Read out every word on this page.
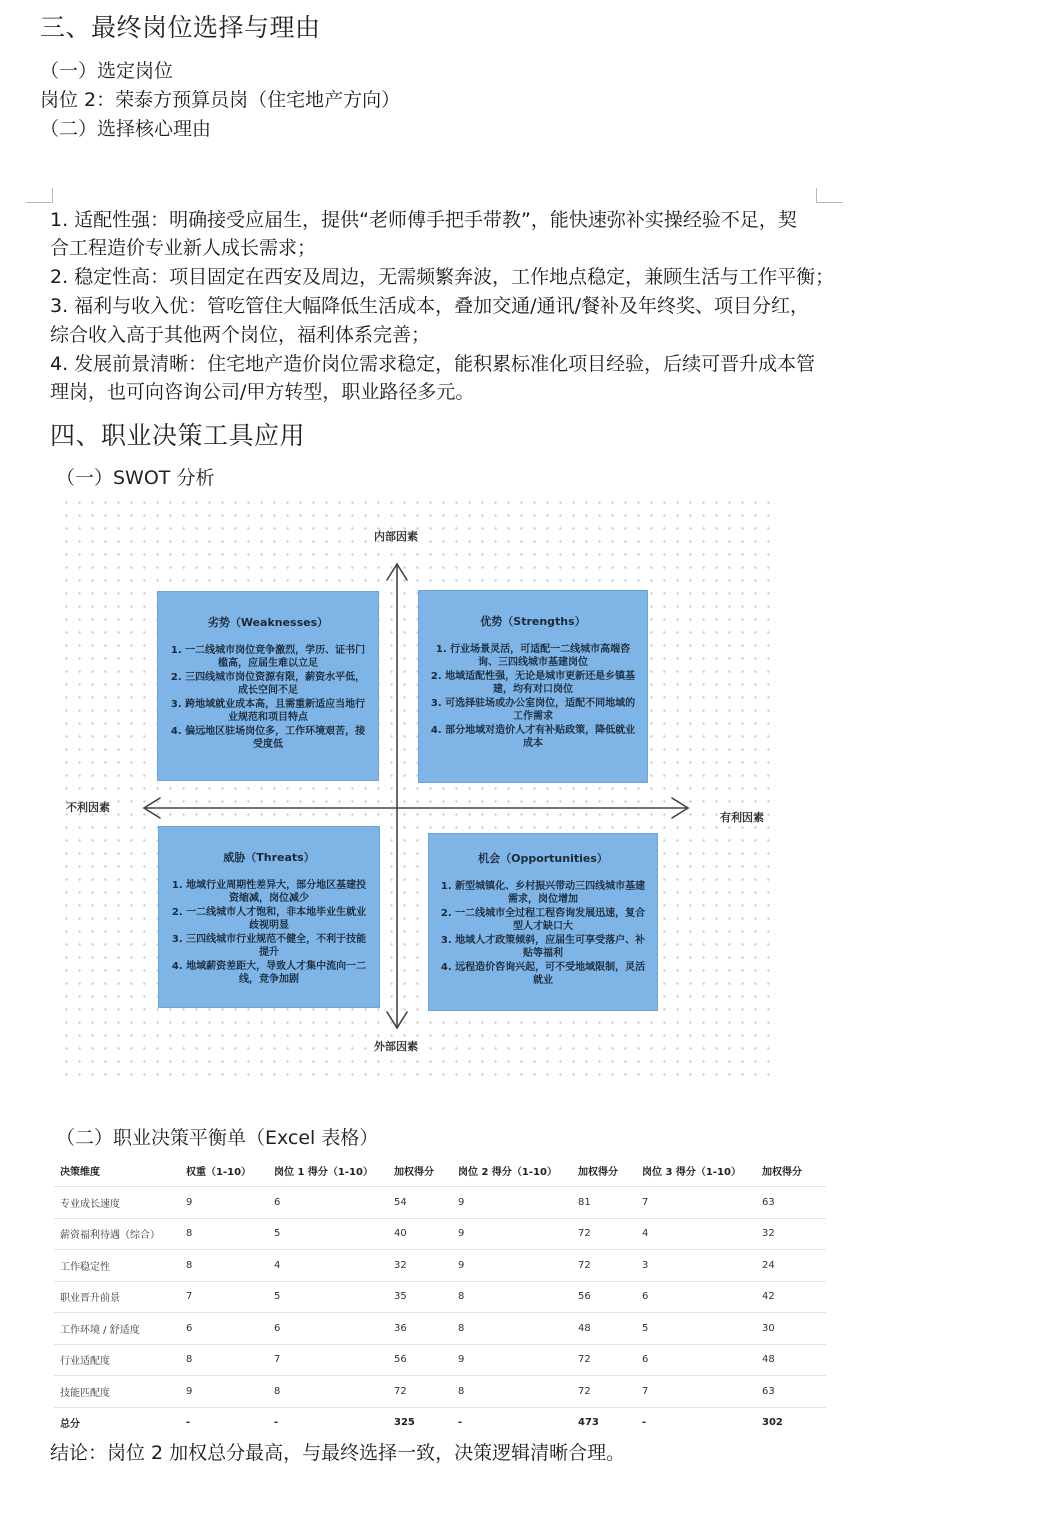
三、最终岗位选择与理由
（一）选定岗位
岗位 2：荣泰方预算员岗（住宅地产方向）
（二）选择核心理由
1. 适配性强：明确接受应届生，提供“老师傅手把手带教”，能快速弥补实操经验不足，契
合工程造价专业新人成长需求；
2. 稳定性高：项目固定在西安及周边，无需频繁奔波，工作地点稳定，兼顾生活与工作平衡；
3. 福利与收入优：管吃管住大幅降低生活成本，叠加交通/通讯/餐补及年终奖、项目分红，
综合收入高于其他两个岗位，福利体系完善；
4. 发展前景清晰：住宅地产造价岗位需求稳定，能积累标准化项目经验，后续可晋升成本管
理岗，也可向咨询公司/甲方转型，职业路径多元。
四、职业决策工具应用
（一）SWOT 分析
内部因素
外部因素
不利因素
有利因素
劣势（Weaknesses）
1. 一二线城市岗位竞争激烈，学历、证书门槛高，应届生难以立足
2. 三四线城市岗位资源有限，薪资水平低，成长空间不足
3. 跨地域就业成本高，且需重新适应当地行业规范和项目特点
4. 偏远地区驻场岗位多，工作环境艰苦，接受度低
优势（Strengths）
1. 行业场景灵活，可适配一二线城市高端咨询、三四线城市基建岗位
2. 地域适配性强，无论是城市更新还是乡镇基建，均有对口岗位
3. 可选择驻场或办公室岗位，适配不同地域的工作需求
4. 部分地域对造价人才有补贴政策，降低就业成本
威胁（Threats）
1. 地域行业周期性差异大，部分地区基建投资缩减，岗位减少
2. 一二线城市人才饱和，非本地毕业生就业歧视明显
3. 三四线城市行业规范不健全，不利于技能提升
4. 地域薪资差距大，导致人才集中流向一二线，竞争加剧
机会（Opportunities）
1. 新型城镇化、乡村振兴带动三四线城市基建需求，岗位增加
2. 一二线城市全过程工程咨询发展迅速，复合型人才缺口大
3. 地域人才政策倾斜，应届生可享受落户、补贴等福利
4. 远程造价咨询兴起，可不受地域限制，灵活就业
（二）职业决策平衡单（Excel 表格）
决策维度	权重（1-10）	岗位 1 得分（1-10）	加权得分	岗位 2 得分（1-10）	加权得分	岗位 3 得分（1-10）	加权得分
专业成长速度	9	6	54	9	81	7	63
薪资福利待遇（综合）	8	5	40	9	72	4	32
工作稳定性	8	4	32	9	72	3	24
职业晋升前景	7	5	35	8	56	6	42
工作环境 / 舒适度	6	6	36	8	48	5	30
行业适配度	8	7	56	9	72	6	48
技能匹配度	9	8	72	8	72	7	63
总分	-	-	325	-	473	-	302
结论：岗位 2 加权总分最高，与最终选择一致，决策逻辑清晰合理。
